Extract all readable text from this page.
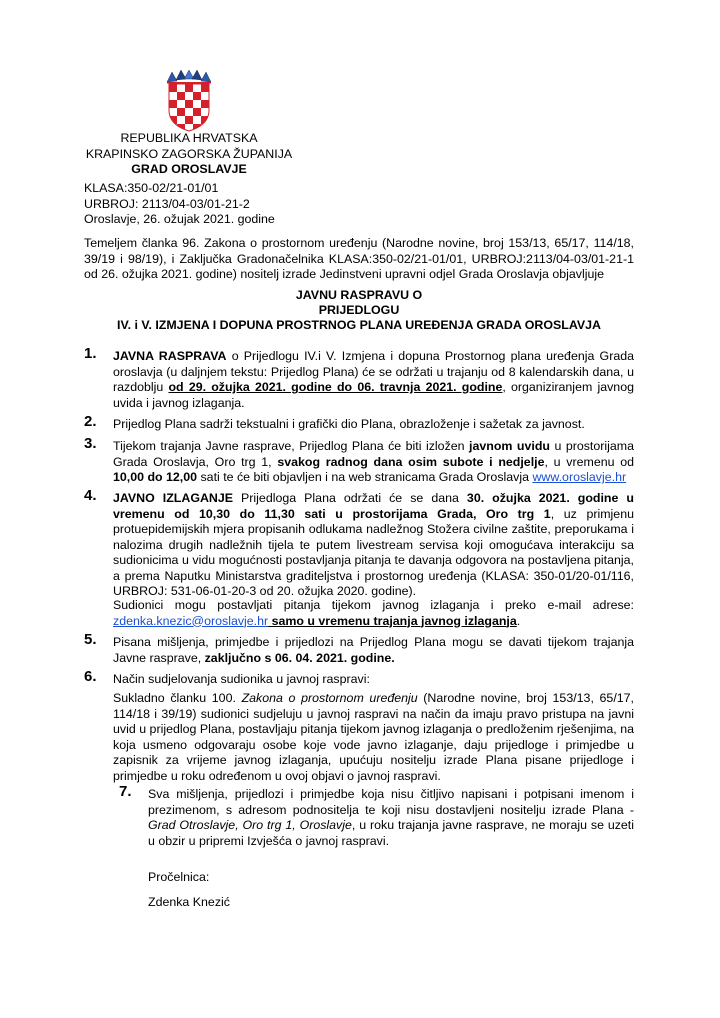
REPUBLIKA HRVATSKA
KRAPINSKO ZAGORSKA ŽUPANIJA
GRAD OROSLAVJE
KLASA:350-02/21-01/01
URBROJ: 2113/04-03/01-21-2
Oroslavje, 26. ožujak 2021. godine
Temeljem članka 96. Zakona o prostornom uređenju (Narodne novine, broj 153/13, 65/17, 114/18, 39/19 i 98/19), i Zaključka Gradonačelnika KLASA:350-02/21-01/01, URBROJ:2113/04-03/01-21-1 od 26. ožujka 2021. godine) nositelj izrade Jedinstveni upravni odjel Grada Oroslavja objavljuje
JAVNU RASPRAVU O
PRIJEDLOGU
IV. i V. IZMJENA I DOPUNA PROSTRNOG PLANA UREĐENJA GRADA OROSLAVJA
1. JAVNA RASPRAVA o Prijedlogu IV.i V. Izmjena i dopuna Prostornog plana uređenja Grada oroslavja (u daljnjem tekstu: Prijedlog Plana) će se održati u trajanju od 8 kalendarskih dana, u razdoblju od 29. ožujka 2021. godine do 06. travnja 2021. godine, organiziranjem javnog uvida i javnog izlaganja.
2. Prijedlog Plana sadrži tekstualni i grafički dio Plana, obrazloženje i sažetak za javnost.
3. Tijekom trajanja Javne rasprave, Prijedlog Plana će biti izložen javnom uvidu u prostorijama Grada Oroslavja, Oro trg 1, svakog radnog dana osim subote i nedjelje, u vremenu od 10,00 do 12,00 sati te će biti objavljen i na web stranicama Grada Oroslavja www.oroslavje.hr
4. JAVNO IZLAGANJE Prijedloga Plana održati će se dana 30. ožujka 2021. godine u vremenu od 10,30 do 11,30 sati u prostorijama Grada, Oro trg 1, uz primjenu protuepidemijskih mjera propisanih odlukama nadležnog Stožera civilne zaštite, preporukama i nalozima drugih nadležnih tijela te putem livestream servisa koji omogućava interakciju sa sudionicima u vidu mogućnosti postavljanja pitanja te davanja odgovora na postavljena pitanja, a prema Naputku Ministarstva graditeljstva i prostornog uređenja (KLASA: 350-01/20-01/116, URBROJ: 531-06-01-20-3 od 20. ožujka 2020. godine).
Sudionici mogu postavljati pitanja tijekom javnog izlaganja i preko e-mail adrese: zdenka.knezic@oroslavje.hr samo u vremenu trajanja javnog izlaganja.
5. Pisana mišljenja, primjedbe i prijedlozi na Prijedlog Plana mogu se davati tijekom trajanja Javne rasprave, zaključno s 06. 04. 2021. godine.
6. Način sudjelovanja sudionika u javnoj raspravi:
Sukladno članku 100. Zakona o prostornom uređenju (Narodne novine, broj 153/13, 65/17, 114/18 i 39/19) sudionici sudjeluju u javnoj raspravi na način da imaju pravo pristupa na javni uvid u prijedlog Plana, postavljaju pitanja tijekom javnog izlaganja o predloženim rješenjima, na koja usmeno odgovaraju osobe koje vode javno izlaganje, daju prijedloge i primjedbe u zapisnik za vrijeme javnog izlaganja, upućuju nositelju izrade Plana pisane prijedloge i primjedbe u roku određenom u ovoj objavi o javnoj raspravi.
7. Sva mišljenja, prijedlozi i primjedbe koja nisu čitljivo napisani i potpisani imenom i prezimenom, s adresom podnositelja te koji nisu dostavljeni nositelju izrade Plana - Grad Otroslavje, Oro trg 1, Oroslavje, u roku trajanja javne rasprave, ne moraju se uzeti u obzir u pripremi Izvješća o javnoj raspravi.
Pročelnica:
Zdenka Knezić
